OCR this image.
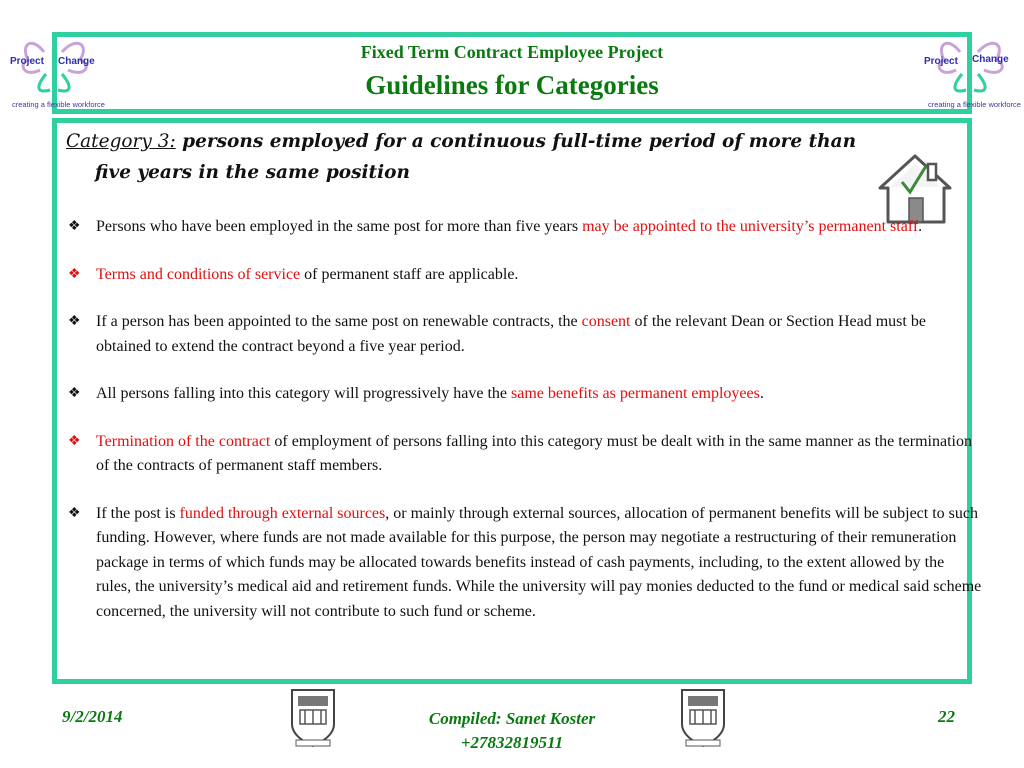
Project Change
creating a flexible workforce
Project Change
creating a flexible workforce
Fixed Term Contract Employee Project
Guidelines for Categories
Category 3: persons employed for a continuous full-time period of more than
five years in the same position
❖ Persons who have been employed in the same post for more than five years may be appointed to the university’s permanent staff.
❖ Terms and conditions of service of permanent staff are applicable.
❖ If a person has been appointed to the same post on renewable contracts, the consent of the relevant Dean or Section Head must be obtained to extend the contract beyond a five year period.
❖ All persons falling into this category will progressively have the same benefits as permanent employees.
❖ Termination of the contract of employment of persons falling into this category must be dealt with in the same manner as the termination of the contracts of permanent staff members.
❖ If the post is funded through external sources, or mainly through external sources, allocation of permanent benefits will be subject to such funding. However, where funds are not made available for this purpose, the person may negotiate a restructuring of their remuneration package in terms of which funds may be allocated towards benefits instead of cash payments, including, to the extent allowed by the rules, the university’s medical aid and retirement funds. While the university will pay monies deducted to the fund or medical said scheme concerned, the university will not contribute to such fund or scheme.
9/2/2014	Compiled: Sanet Koster
+27832819511
22
